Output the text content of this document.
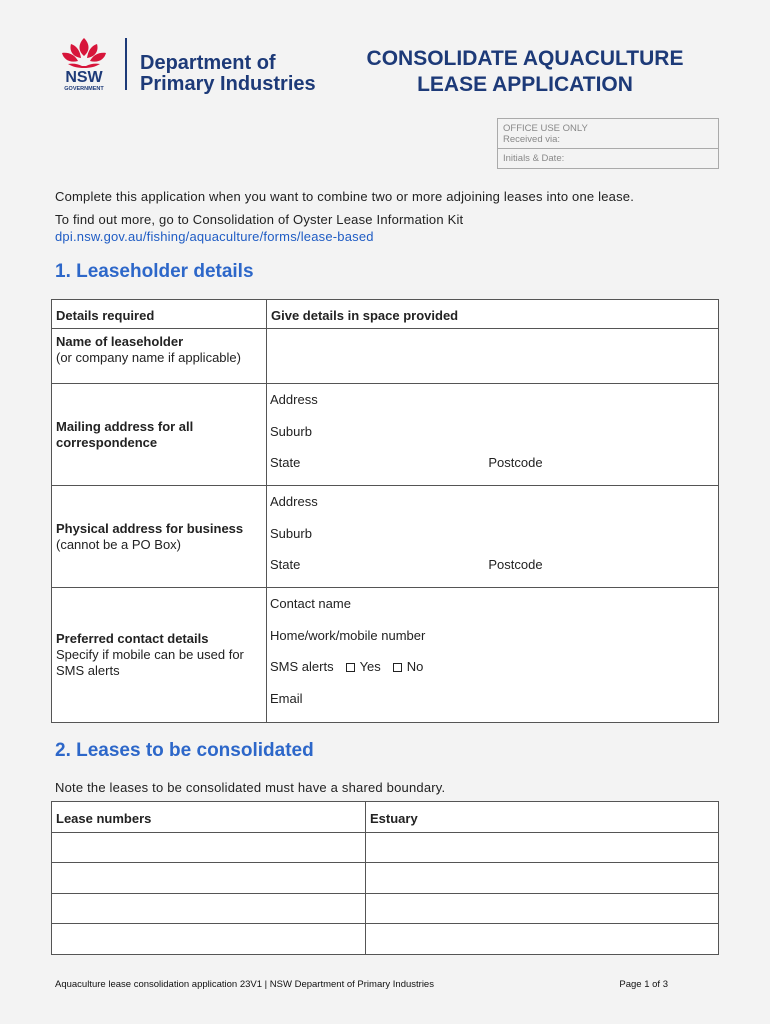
NSW
GOVERNMENT
Department of
Primary Industries
CONSOLIDATE AQUACULTURE
LEASE APPLICATION
OFFICE USE ONLY
Received via:
Initials & Date:
Complete this application when you want to combine two or more adjoining leases into one lease.
To find out more, go to Consolidation of Oyster Lease Information Kit
dpi.nsw.gov.au/fishing/aquaculture/forms/lease-based
1. Leaseholder details
Details required	Give details in space provided

Name of leaseholder
(or company name if applicable)	

Mailing address for all correspondence	Address
Suburb
State Postcode

Physical address for business
(cannot be a PO Box)	Address
Suburb
State Postcode

Preferred contact details
Specify if mobile can be used for SMS alerts	Contact name
Home/work/mobile number
SMS alerts Yes No
Email
2. Leases to be consolidated
Note the leases to be consolidated must have a shared boundary.
Lease numbers	Estuary

Aquaculture lease consolidation application 23V1 | NSW Department of Primary Industries	Page 1 of 3
